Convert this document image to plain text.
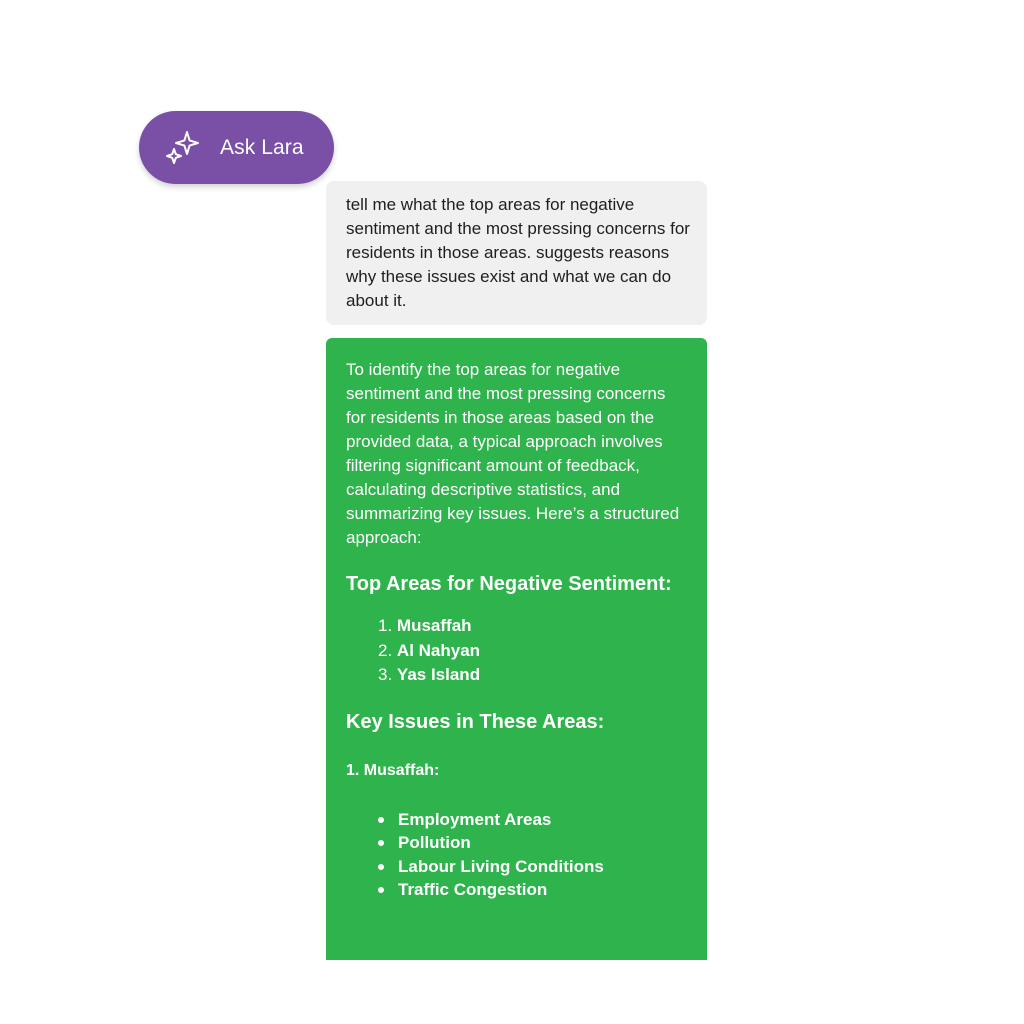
Ask Lara
tell me what the top areas for negative sentiment and the most pressing concerns for residents in those areas. suggests reasons why these issues exist and what we can do about it.

To identify the top areas for negative sentiment and the most pressing concerns for residents in those areas based on the provided data, a typical approach involves filtering significant amount of feedback, calculating descriptive statistics, and summarizing key issues. Here’s a structured approach:

Top Areas for Negative Sentiment:
1. Musaffah
2. Al Nahyan
3. Yas Island
Key Issues in These Areas:
1. Musaffah:
Employment Areas
Pollution
Labour Living Conditions
Traffic Congestion
